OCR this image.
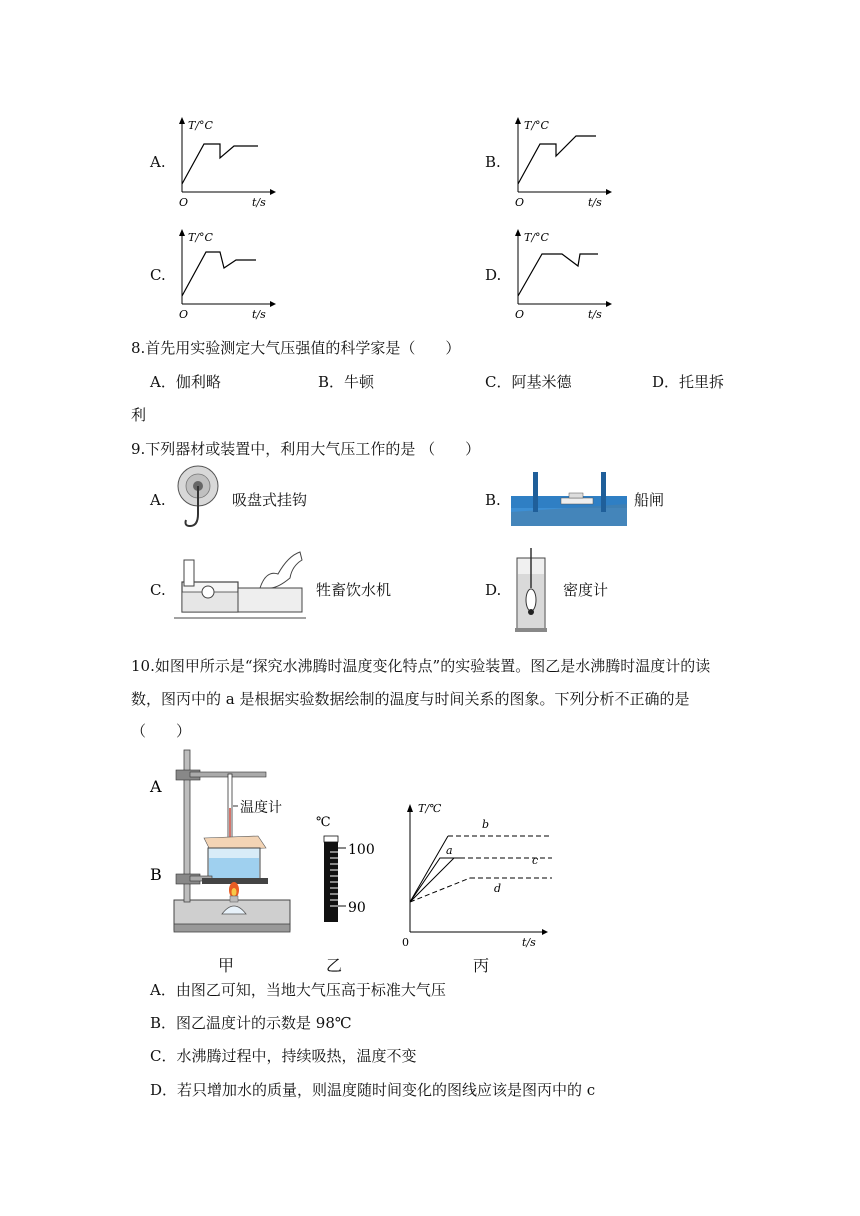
A.
T/°C
O	t/s
B.
T/°C
O	t/s
C.
T/°C
O	t/s
D.
T/°C
O	t/s
8.首先用实验测定大气压强值的科学家是（　　）
A．伽利略	B．牛顿	C．阿基米德	D．托里拆
利
9.下列器材或装置中，利用大气压工作的是 （　　）
A.	吸盘式挂钩	B.	船闸
C.	牲畜饮水机	D.	密度计
10.如图甲所示是“探究水沸腾时温度变化特点”的实验装置。图乙是水沸腾时温度计的读
数，图丙中的 a 是根据实验数据绘制的温度与时间关系的图象。下列分析不正确的是
（　　）
A
B
温度计
甲
℃
100
90
乙
T/℃
0	t/s
a
b
c
d
丙
A．由图乙可知，当地大气压高于标准大气压
B．图乙温度计的示数是 98℃
C．水沸腾过程中，持续吸热，温度不变
D．若只增加水的质量，则温度随时间变化的图线应该是图丙中的 c
